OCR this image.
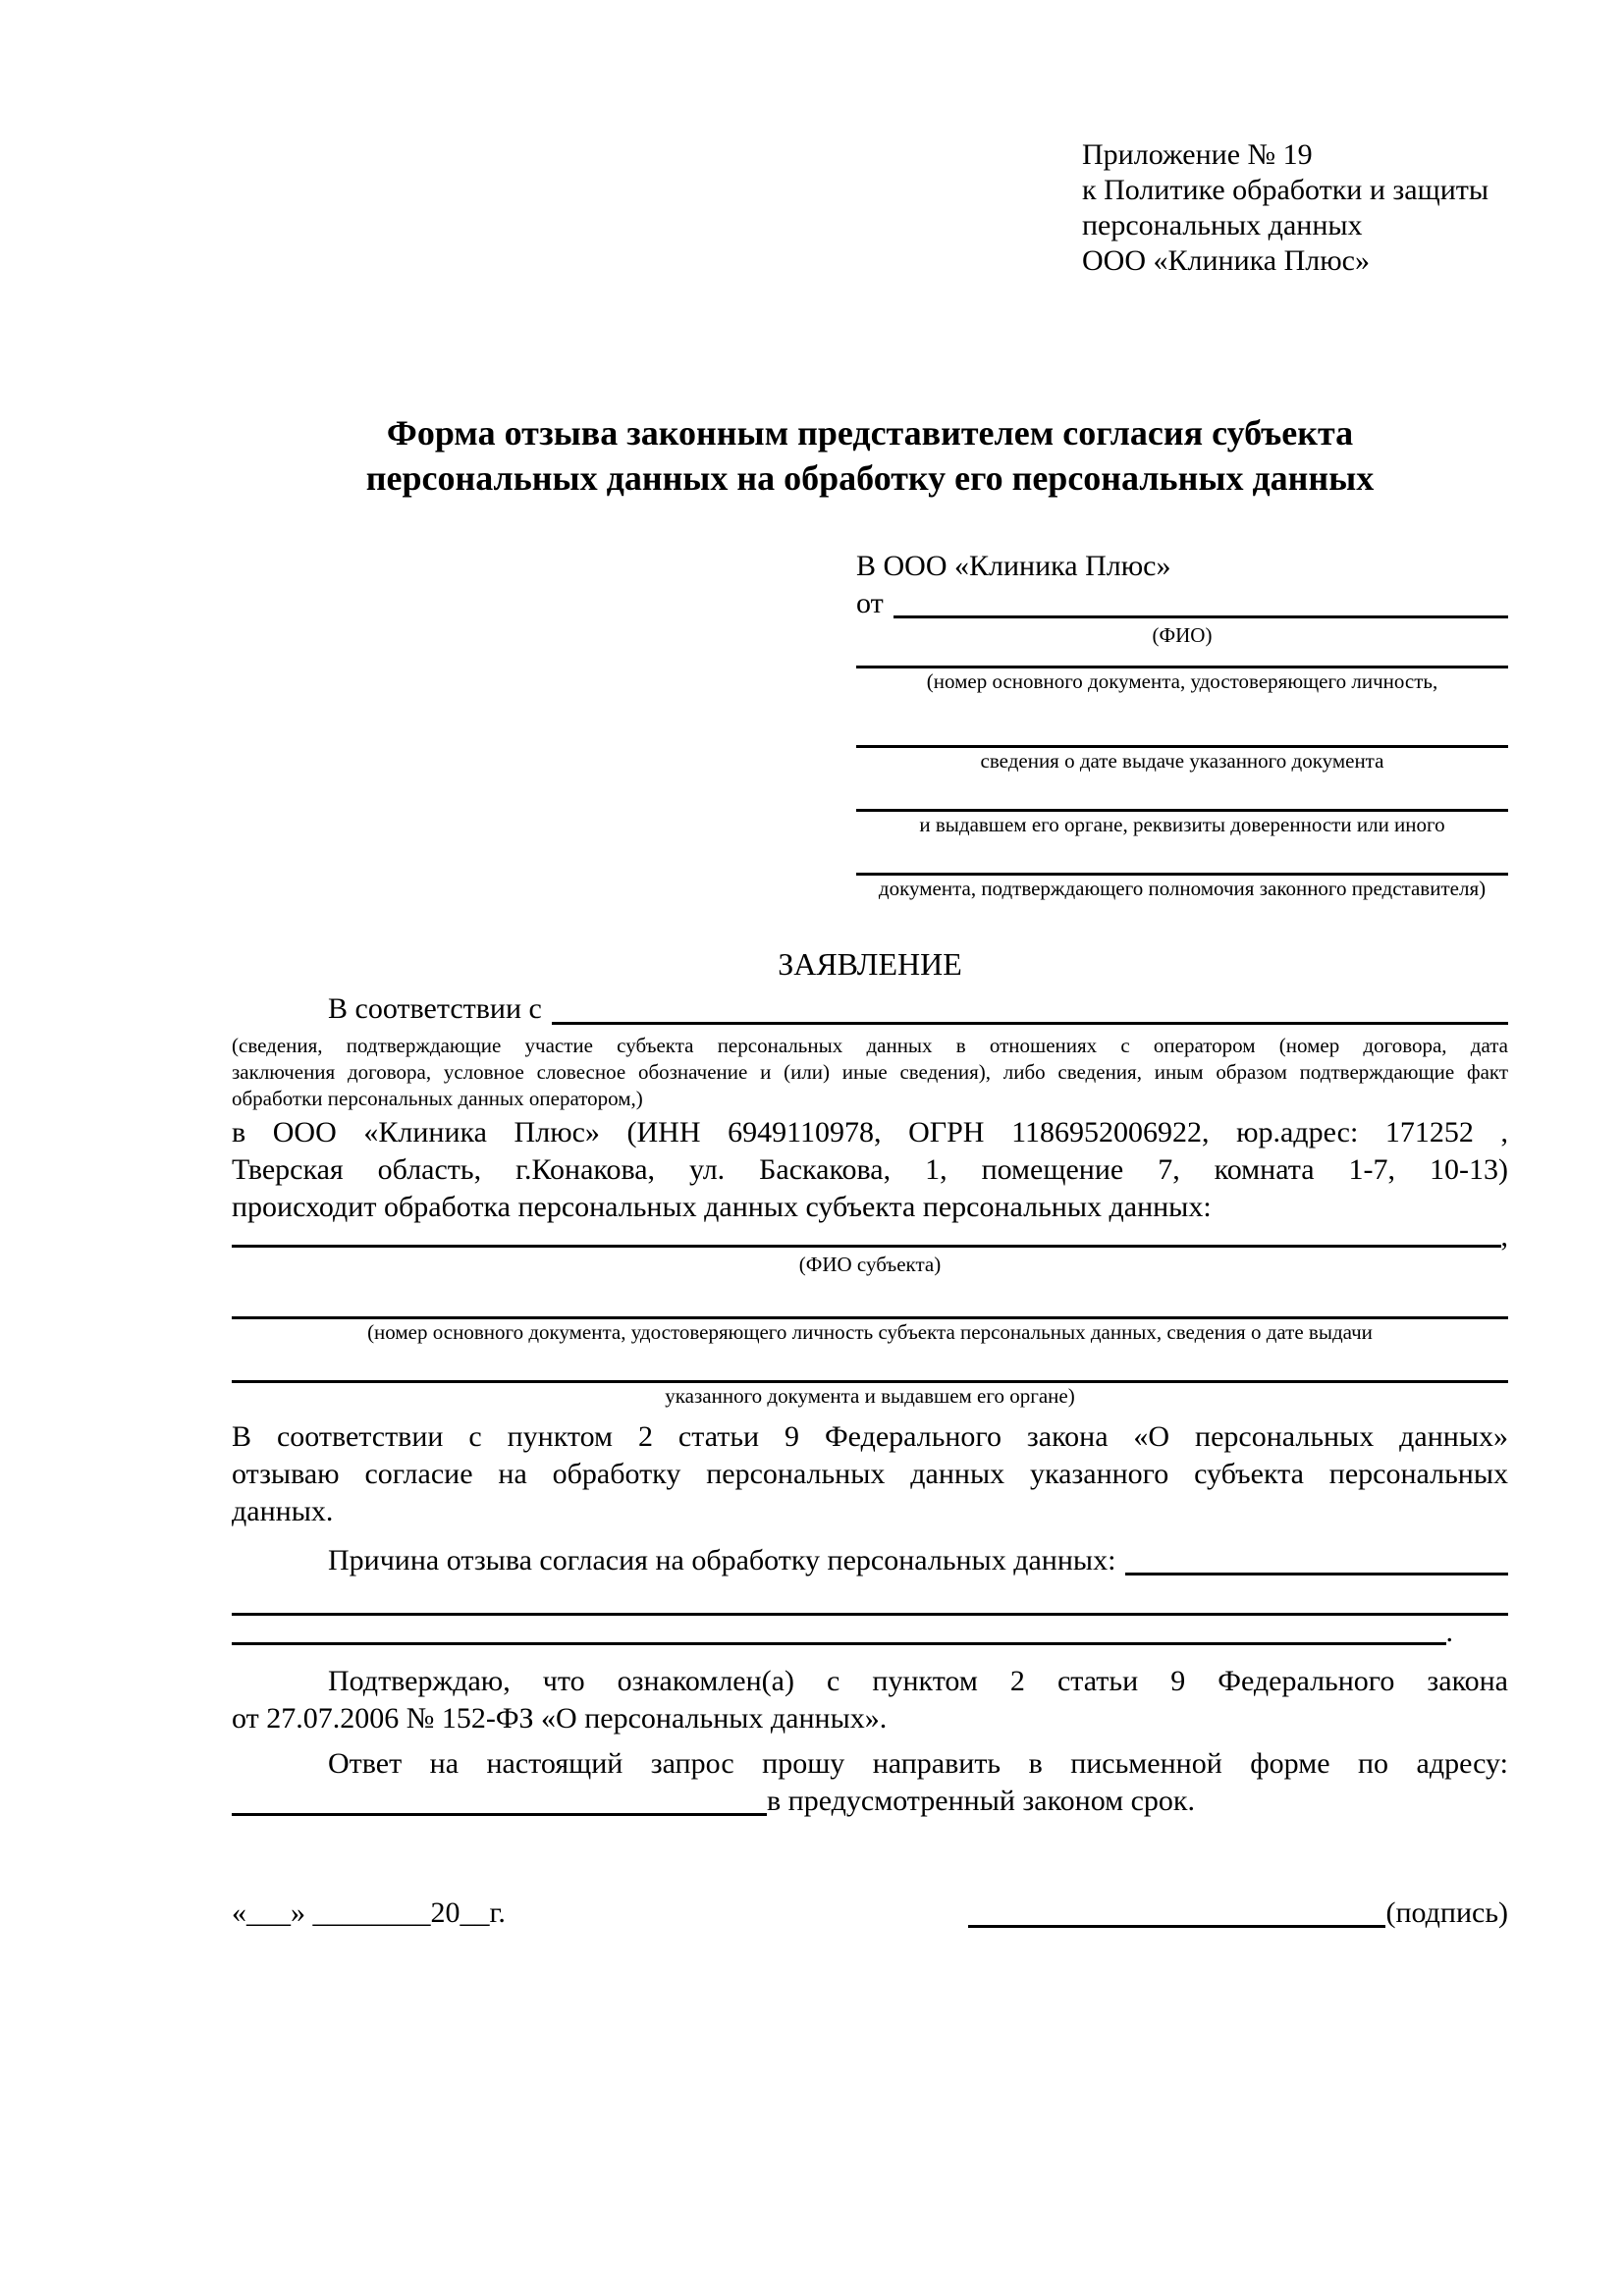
Приложение № 19
к Политике обработки и защиты
персональных данных
ООО «Клиника Плюс»
Форма отзыва законным представителем согласия субъекта
персональных данных на обработку его персональных данных
В ООО «Клиника Плюс»
от
(ФИО)
(номер основного документа, удостоверяющего личность,
сведения о дате выдаче указанного документа
и выдавшем его органе, реквизиты доверенности или иного
документа, подтверждающего полномочия законного представителя)
ЗАЯВЛЕНИЕ
В соответствии с
(сведения, подтверждающие участие субъекта персональных данных в отношениях с оператором (номер договора, дата
заключения договора, условное словесное обозначение и (или) иные сведения), либо сведения, иным образом подтверждающие факт
обработки персональных данных оператором,)
в ООО «Клиника Плюс» (ИНН 6949110978, ОГРН 1186952006922, юр.адрес: 171252 ,
Тверская область, г.Конакова, ул. Баскакова, 1, помещение 7, комната 1-7, 10-13)
происходит обработка персональных данных субъекта персональных данных:
,
(ФИО субъекта)
(номер основного документа, удостоверяющего личность субъекта персональных данных, сведения о дате выдачи
указанного документа и выдавшем его органе)
В соответствии с пунктом 2 статьи 9 Федерального закона «О персональных данных»
отзываю согласие на обработку персональных данных указанного субъекта персональных
данных.
Причина отзыва согласия на обработку персональных данных:
.
Подтверждаю, что ознакомлен(а) с пунктом 2 статьи 9 Федерального закона
от 27.07.2006 № 152-ФЗ «О персональных данных».
Ответ на настоящий запрос прошу направить в письменной форме по адресу:
в предусмотренный законом срок.
«___» ________20__г.	(подпись)
